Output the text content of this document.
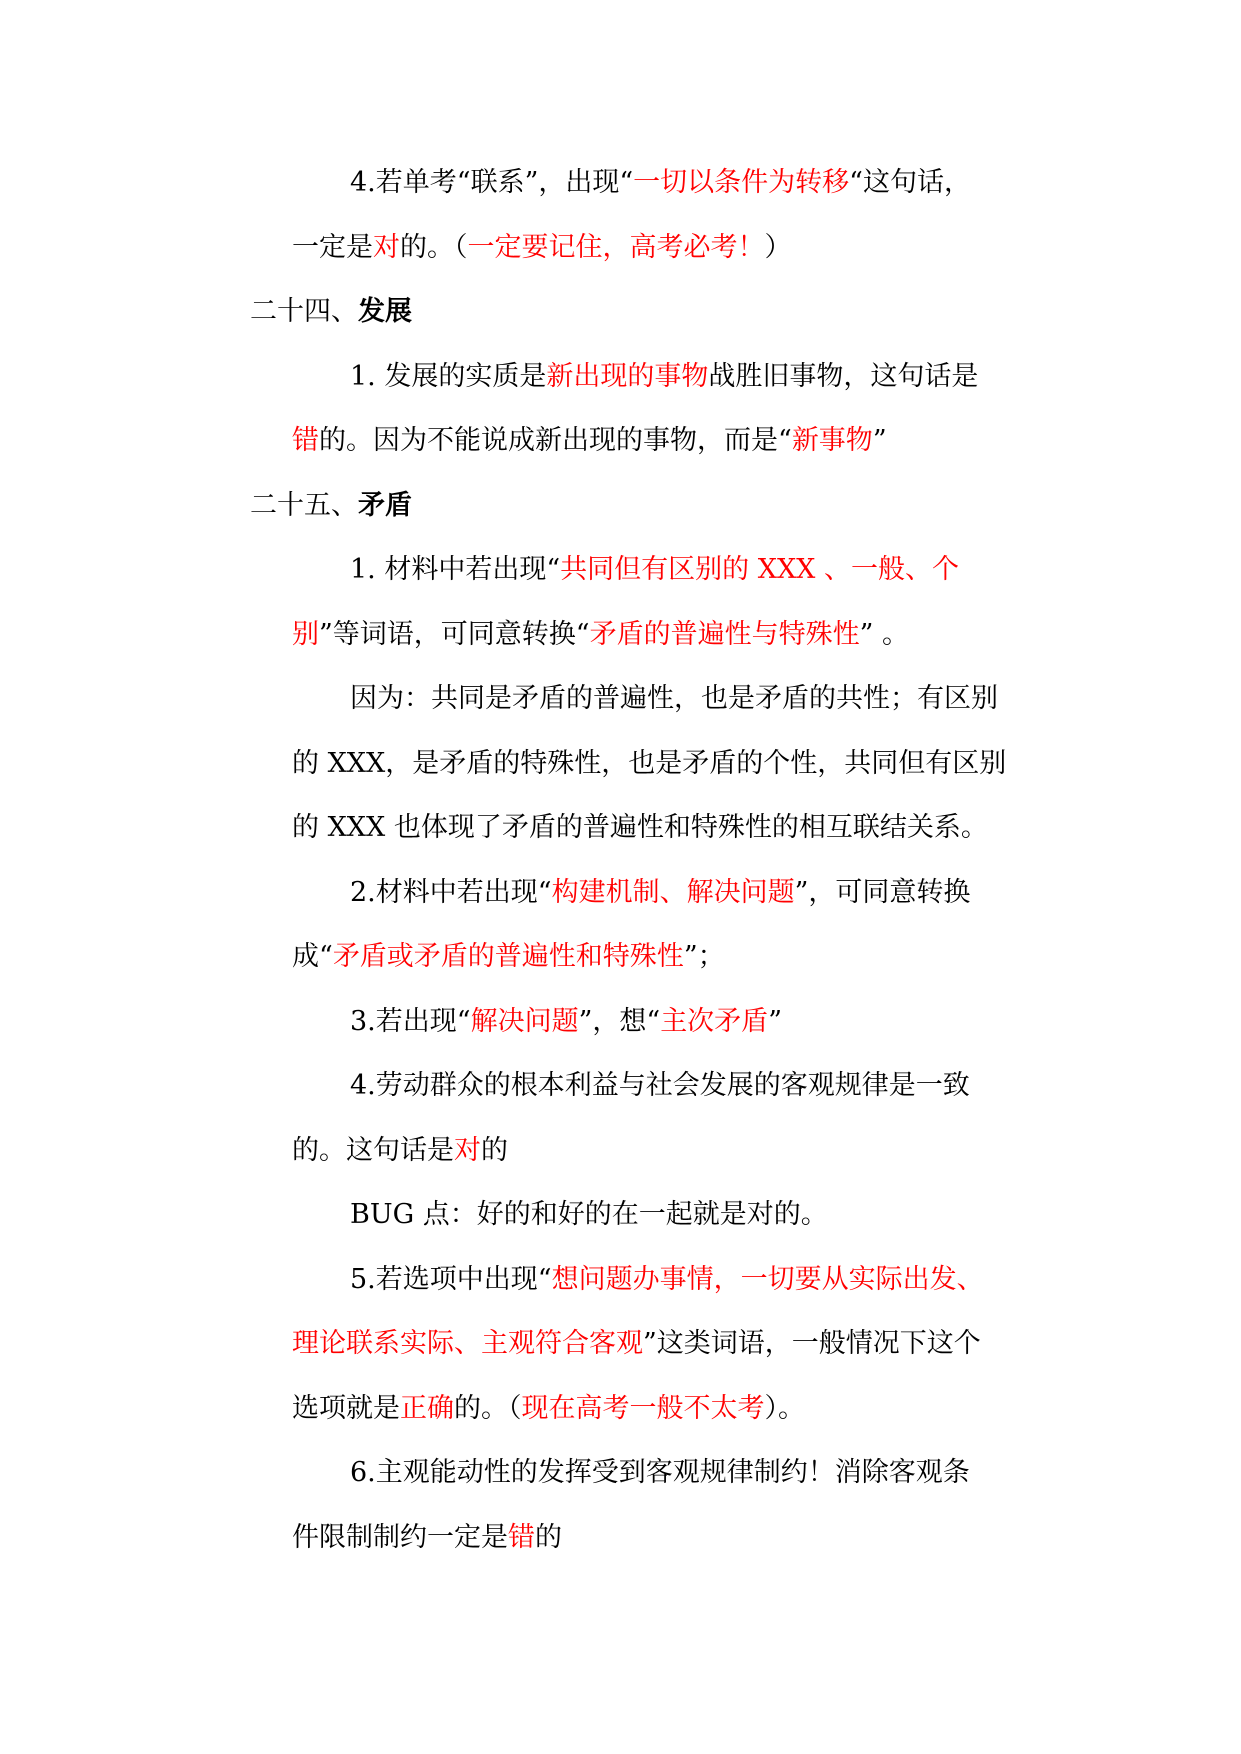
4.若单考“联系”，出现“一切以条件为转移“这句话，

一定是对的。（一定要记住，高考必考！）

二十四、发展

1. 发展的实质是新出现的事物战胜旧事物，这句话是

错的。因为不能说成新出现的事物，而是“新事物”

二十五、矛盾

1. 材料中若出现“共同但有区别的 XXX 、一般、个

别”等词语，可同意转换“矛盾的普遍性与特殊性” 。

因为：共同是矛盾的普遍性，也是矛盾的共性；有区别

的 XXX，是矛盾的特殊性，也是矛盾的个性，共同但有区别

的 XXX 也体现了矛盾的普遍性和特殊性的相互联结关系。

2.材料中若出现“构建机制、解决问题”，可同意转换

成“矛盾或矛盾的普遍性和特殊性”；

3.若出现“解决问题”，想“主次矛盾”

4.劳动群众的根本利益与社会发展的客观规律是一致

的。这句话是对的

BUG 点：好的和好的在一起就是对的。

5.若选项中出现“想问题办事情，一切要从实际出发、

理论联系实际、主观符合客观”这类词语，一般情况下这个

选项就是正确的。（现在高考一般不太考）。

6.主观能动性的发挥受到客观规律制约！消除客观条

件限制制约一定是错的
